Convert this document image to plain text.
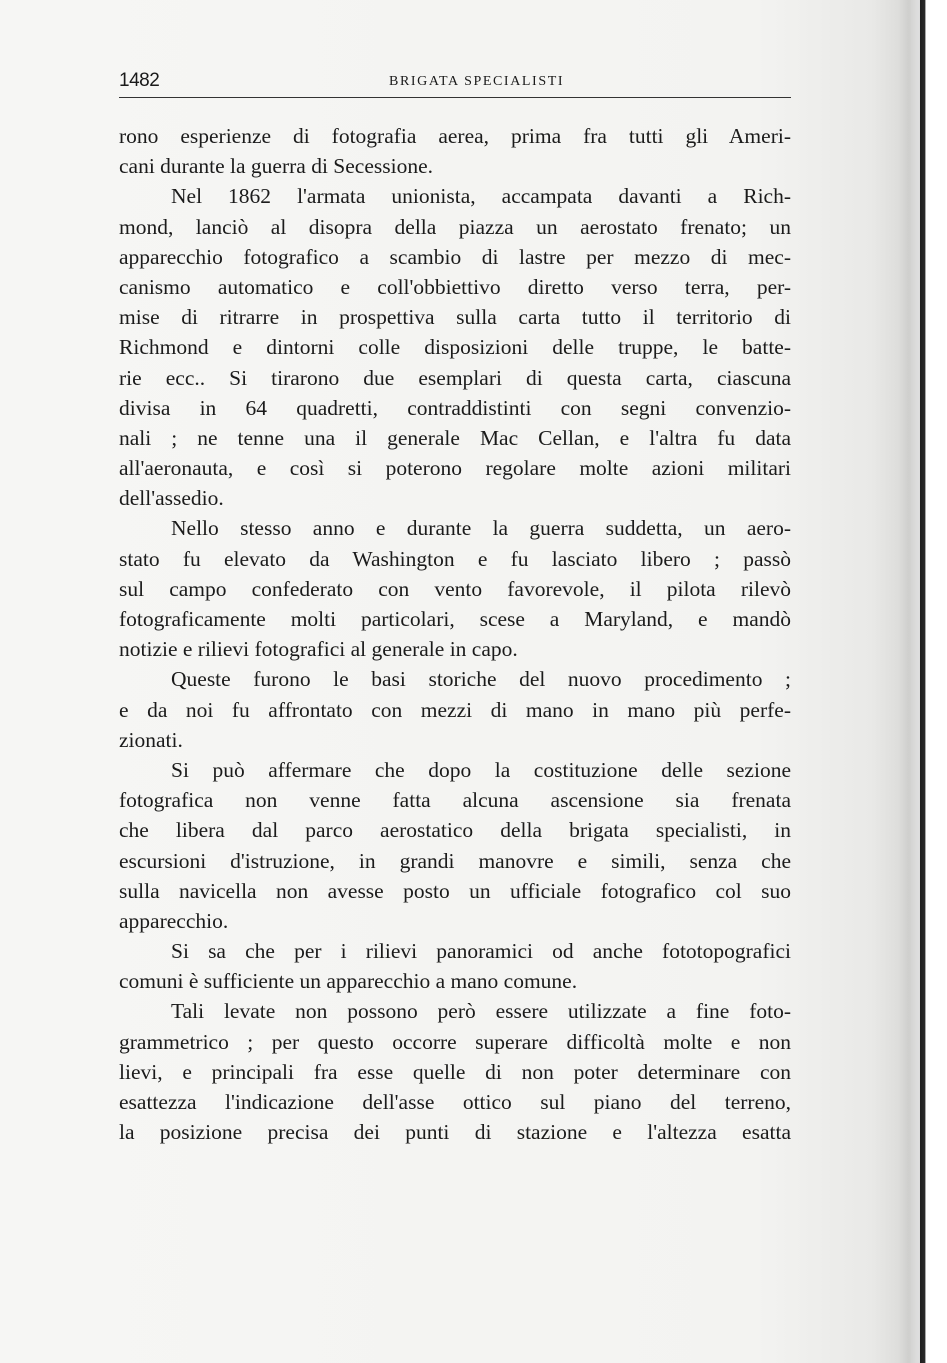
1482	BRIGATA SPECIALISTI
rono esperienze di fotografia aerea, prima fra tutti gli Ameri-
cani durante la guerra di Secessione.
Nel 1862 l'armata unionista, accampata davanti a Rich-
mond, lanciò al disopra della piazza un aerostato frenato; un
apparecchio fotografico a scambio di lastre per mezzo di mec-
canismo automatico e coll'obbiettivo diretto verso terra, per-
mise di ritrarre in prospettiva sulla carta tutto il territorio di
Richmond e dintorni colle disposizioni delle truppe, le batte-
rie ecc.. Si tirarono due esemplari di questa carta, ciascuna
divisa in 64 quadretti, contraddistinti con segni convenzio-
nali ; ne tenne una il generale Mac Cellan, e l'altra fu data
all'aeronauta, e così si poterono regolare molte azioni militari
dell'assedio.
Nello stesso anno e durante la guerra suddetta, un aero-
stato fu elevato da Washington e fu lasciato libero ; passò
sul campo confederato con vento favorevole, il pilota rilevò
fotograficamente molti particolari, scese a Maryland, e mandò
notizie e rilievi fotografici al generale in capo.
Queste furono le basi storiche del nuovo procedimento ;
e da noi fu affrontato con mezzi di mano in mano più perfe-
zionati.
Si può affermare che dopo la costituzione delle sezione
fotografica non venne fatta alcuna ascensione sia frenata
che libera dal parco aerostatico della brigata specialisti, in
escursioni d'istruzione, in grandi manovre e simili, senza che
sulla navicella non avesse posto un ufficiale fotografico col suo
apparecchio.
Si sa che per i rilievi panoramici od anche fototopografici
comuni è sufficiente un apparecchio a mano comune.
Tali levate non possono però essere utilizzate a fine foto-
grammetrico ; per questo occorre superare difficoltà molte e non
lievi, e principali fra esse quelle di non poter determinare con
esattezza l'indicazione dell'asse ottico sul piano del terreno,
la posizione precisa dei punti di stazione e l'altezza esatta
